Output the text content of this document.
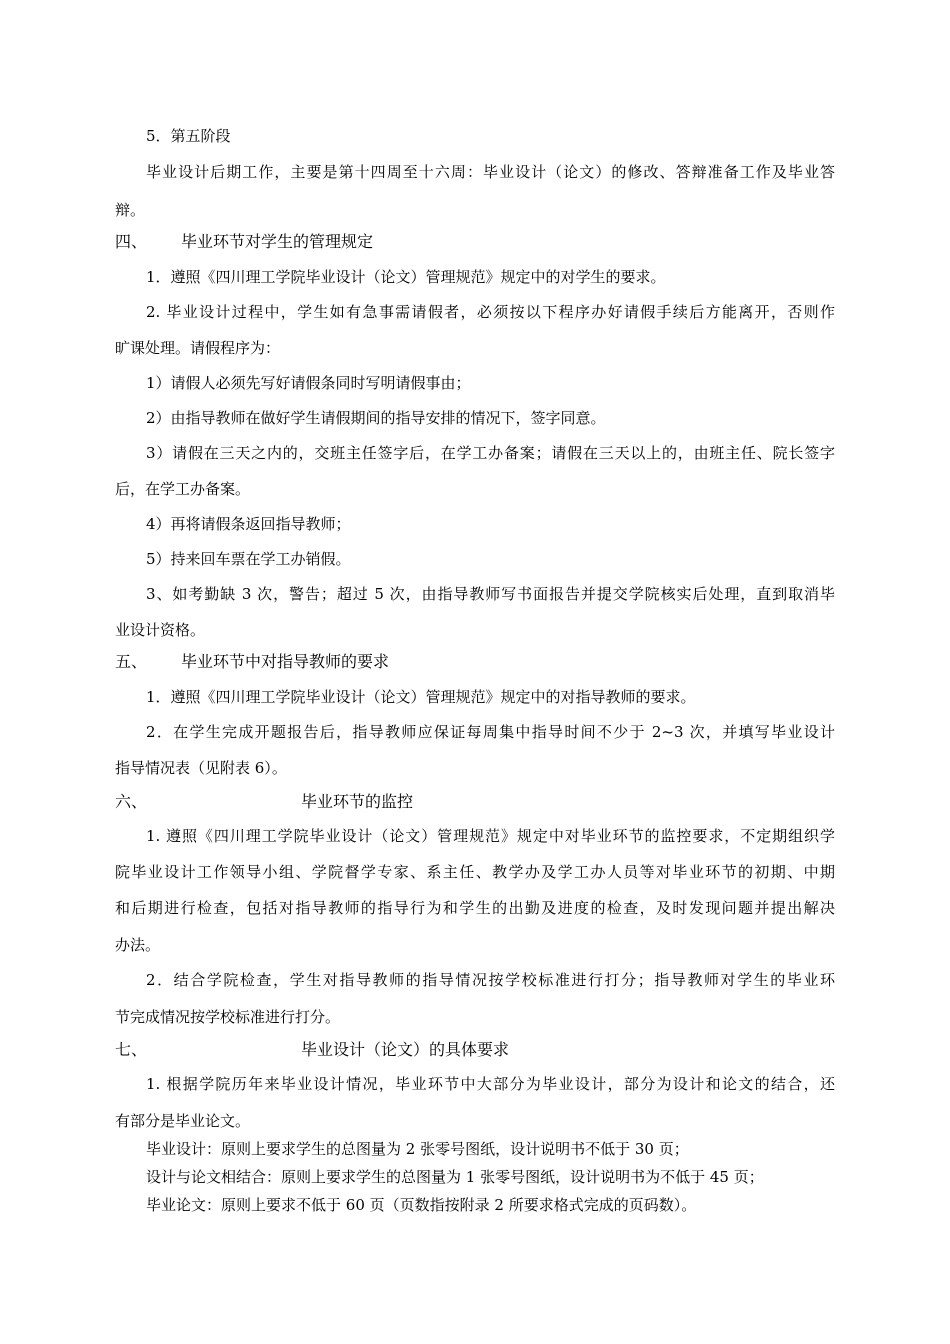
5．第五阶段
毕业设计后期工作，主要是第十四周至十六周：毕业设计（论文）的修改、答辩准备工作及毕业答
辩。
四、 毕业环节对学生的管理规定
1．遵照《四川理工学院毕业设计（论文）管理规范》规定中的对学生的要求。
2. 毕业设计过程中，学生如有急事需请假者，必须按以下程序办好请假手续后方能离开，否则作
旷课处理。请假程序为：
1）请假人必须先写好请假条同时写明请假事由；
2）由指导教师在做好学生请假期间的指导安排的情况下，签字同意。
3）请假在三天之内的，交班主任签字后，在学工办备案；请假在三天以上的，由班主任、院长签字
后，在学工办备案。
4）再将请假条返回指导教师；
5）持来回车票在学工办销假。
3、如考勤缺 3 次，警告；超过 5 次，由指导教师写书面报告并提交学院核实后处理，直到取消毕
业设计资格。
五、 毕业环节中对指导教师的要求
1．遵照《四川理工学院毕业设计（论文）管理规范》规定中的对指导教师的要求。
2．在学生完成开题报告后，指导教师应保证每周集中指导时间不少于 2~3 次，并填写毕业设计
指导情况表（见附表 6）。
六、	毕业环节的监控
1. 遵照《四川理工学院毕业设计（论文）管理规范》规定中对毕业环节的监控要求，不定期组织学
院毕业设计工作领导小组、学院督学专家、系主任、教学办及学工办人员等对毕业环节的初期、中期
和后期进行检查，包括对指导教师的指导行为和学生的出勤及进度的检查，及时发现问题并提出解决
办法。
2．结合学院检查，学生对指导教师的指导情况按学校标准进行打分；指导教师对学生的毕业环
节完成情况按学校标准进行打分。
七、	毕业设计（论文）的具体要求
1. 根据学院历年来毕业设计情况，毕业环节中大部分为毕业设计，部分为设计和论文的结合，还
有部分是毕业论文。
毕业设计：原则上要求学生的总图量为 2 张零号图纸，设计说明书不低于 30 页；
设计与论文相结合：原则上要求学生的总图量为 1 张零号图纸，设计说明书为不低于 45 页；
毕业论文：原则上要求不低于 60 页（页数指按附录 2 所要求格式完成的页码数）。
